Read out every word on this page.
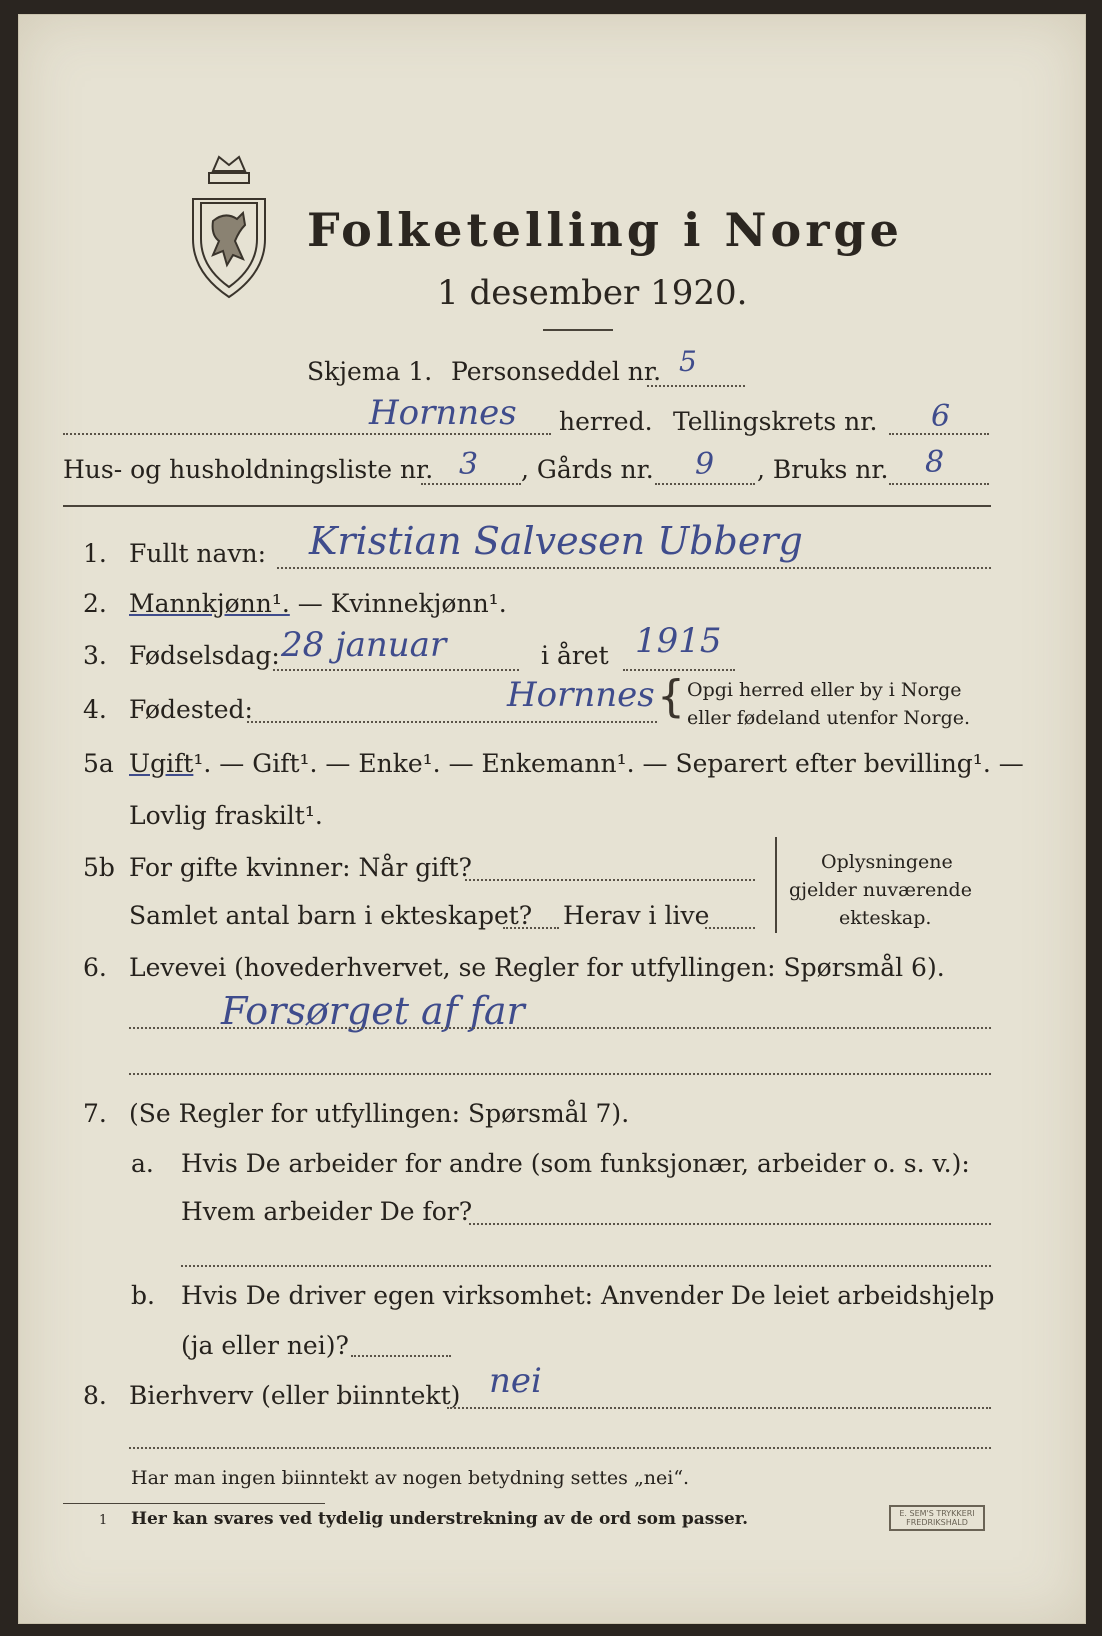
Folketelling i Norge
1 desember 1920.
Skjema 1. Personseddel nr. 5
Hornnes herred. Tellingskrets nr. 6
Hus- og husholdningsliste nr. 3 , Gårds nr. 9 , Bruks nr. 8
1. Fullt navn: Kristian Salvesen Ubberg
2. Mannkjønn¹. — Kvinnekjønn¹.
3. Fødselsdag: 28 januar	i året 1915
4. Fødested:	Hornnes { Opgi herred eller by i Norge
eller fødeland utenfor Norge.
5a Ugift¹. — Gift¹. — Enke¹. — Enkemann¹. — Separert efter bevilling¹. —
Lovlig fraskilt¹.
5b For gifte kvinner: Når gift?
Samlet antal barn i ekteskapet? Herav i live
Oplysningene
gjelder nuværende
ekteskap.
6. Levevei (hovederhvervet, se Regler for utfyllingen: Spørsmål 6).
Forsørget af far
7. (Se Regler for utfyllingen: Spørsmål 7).
a. Hvis De arbeider for andre (som funksjonær, arbeider o. s. v.):
Hvem arbeider De for?
b. Hvis De driver egen virksomhet: Anvender De leiet arbeidshjelp
(ja eller nei)?
8. Bierhverv (eller biinntekt) nei
Har man ingen biinntekt av nogen betydning settes „nei“.
1 Her kan svares ved tydelig understrekning av de ord som passer.	E. SEM'S TRYKKERI FREDRIKSHALD
